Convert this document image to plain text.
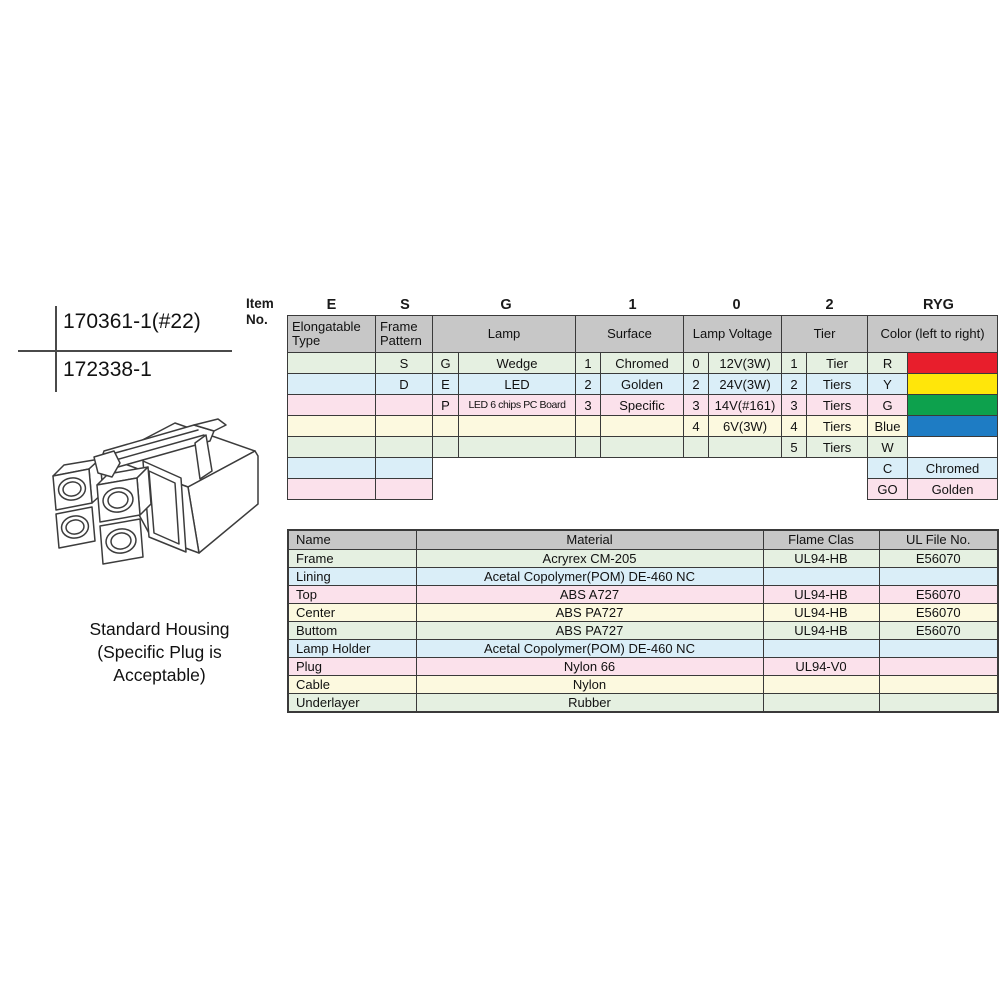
170361-1(#22)
172338-1
Item
No.
Standard Housing
(Specific Plug is
Acceptable)
E	S	G	1	0	2	RYG
Elongatable Type	Frame Pattern	Lamp		Surface		Lamp Voltage		Tier		Color (left to right)	
	S	G	Wedge	1	Chromed	0	12V(3W)	1	Tier	R	
	D	E	LED	2	Golden	2	24V(3W)	2	Tiers	Y	
		P	LED 6 chips PC Board	3	Specific	3	14V(#161)	3	Tiers	G	
						4	6V(3W)	4	Tiers	Blue	
								5	Tiers	W	
										C	Chromed
										GO	Golden
Name	Material	Flame Clas	UL File No.
Frame	Acryrex CM-205	UL94-HB	E56070
Lining	Acetal Copolymer(POM) DE-460 NC		
Top	ABS A727	UL94-HB	E56070
Center	ABS PA727	UL94-HB	E56070
Buttom	ABS PA727	UL94-HB	E56070
Lamp Holder	Acetal Copolymer(POM) DE-460 NC		
Plug	Nylon 66	UL94-V0	
Cable	Nylon		
Underlayer	Rubber		
